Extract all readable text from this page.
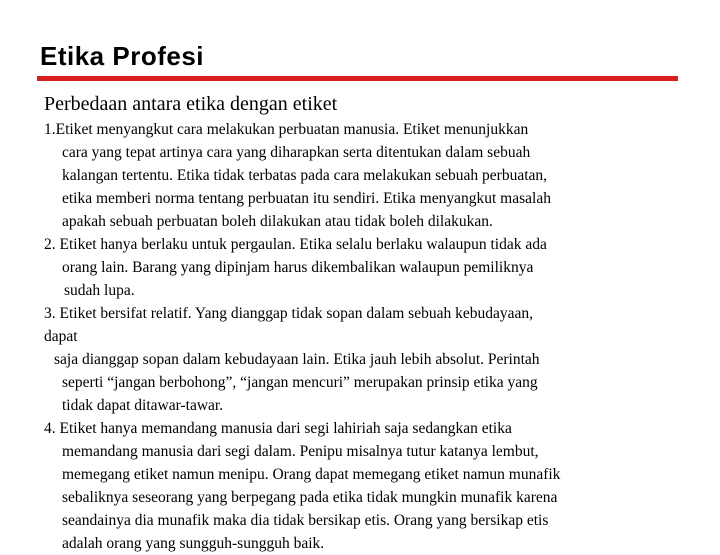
Etika Profesi
Perbedaan antara etika dengan etiket
1.Etiket menyangkut cara melakukan perbuatan manusia. Etiket menunjukkan
cara yang tepat artinya cara yang diharapkan serta ditentukan dalam sebuah
kalangan tertentu. Etika tidak terbatas pada cara melakukan sebuah perbuatan,
etika memberi norma tentang perbuatan itu sendiri. Etika menyangkut masalah
apakah sebuah perbuatan boleh dilakukan atau tidak boleh dilakukan.
2. Etiket hanya berlaku untuk pergaulan. Etika selalu berlaku walaupun tidak ada
orang lain. Barang yang dipinjam harus dikembalikan walaupun pemiliknya
sudah lupa.
3. Etiket bersifat relatif. Yang dianggap tidak sopan dalam sebuah kebudayaan,
dapat
saja dianggap sopan dalam kebudayaan lain. Etika jauh lebih absolut. Perintah
seperti “jangan berbohong”, “jangan mencuri” merupakan prinsip etika yang
tidak dapat ditawar-tawar.
4. Etiket hanya memandang manusia dari segi lahiriah saja sedangkan etika
memandang manusia dari segi dalam. Penipu misalnya tutur katanya lembut,
memegang etiket namun menipu. Orang dapat memegang etiket namun munafik
sebaliknya seseorang yang berpegang pada etika tidak mungkin munafik karena
seandainya dia munafik maka dia tidak bersikap etis. Orang yang bersikap etis
adalah orang yang sungguh-sungguh baik.
